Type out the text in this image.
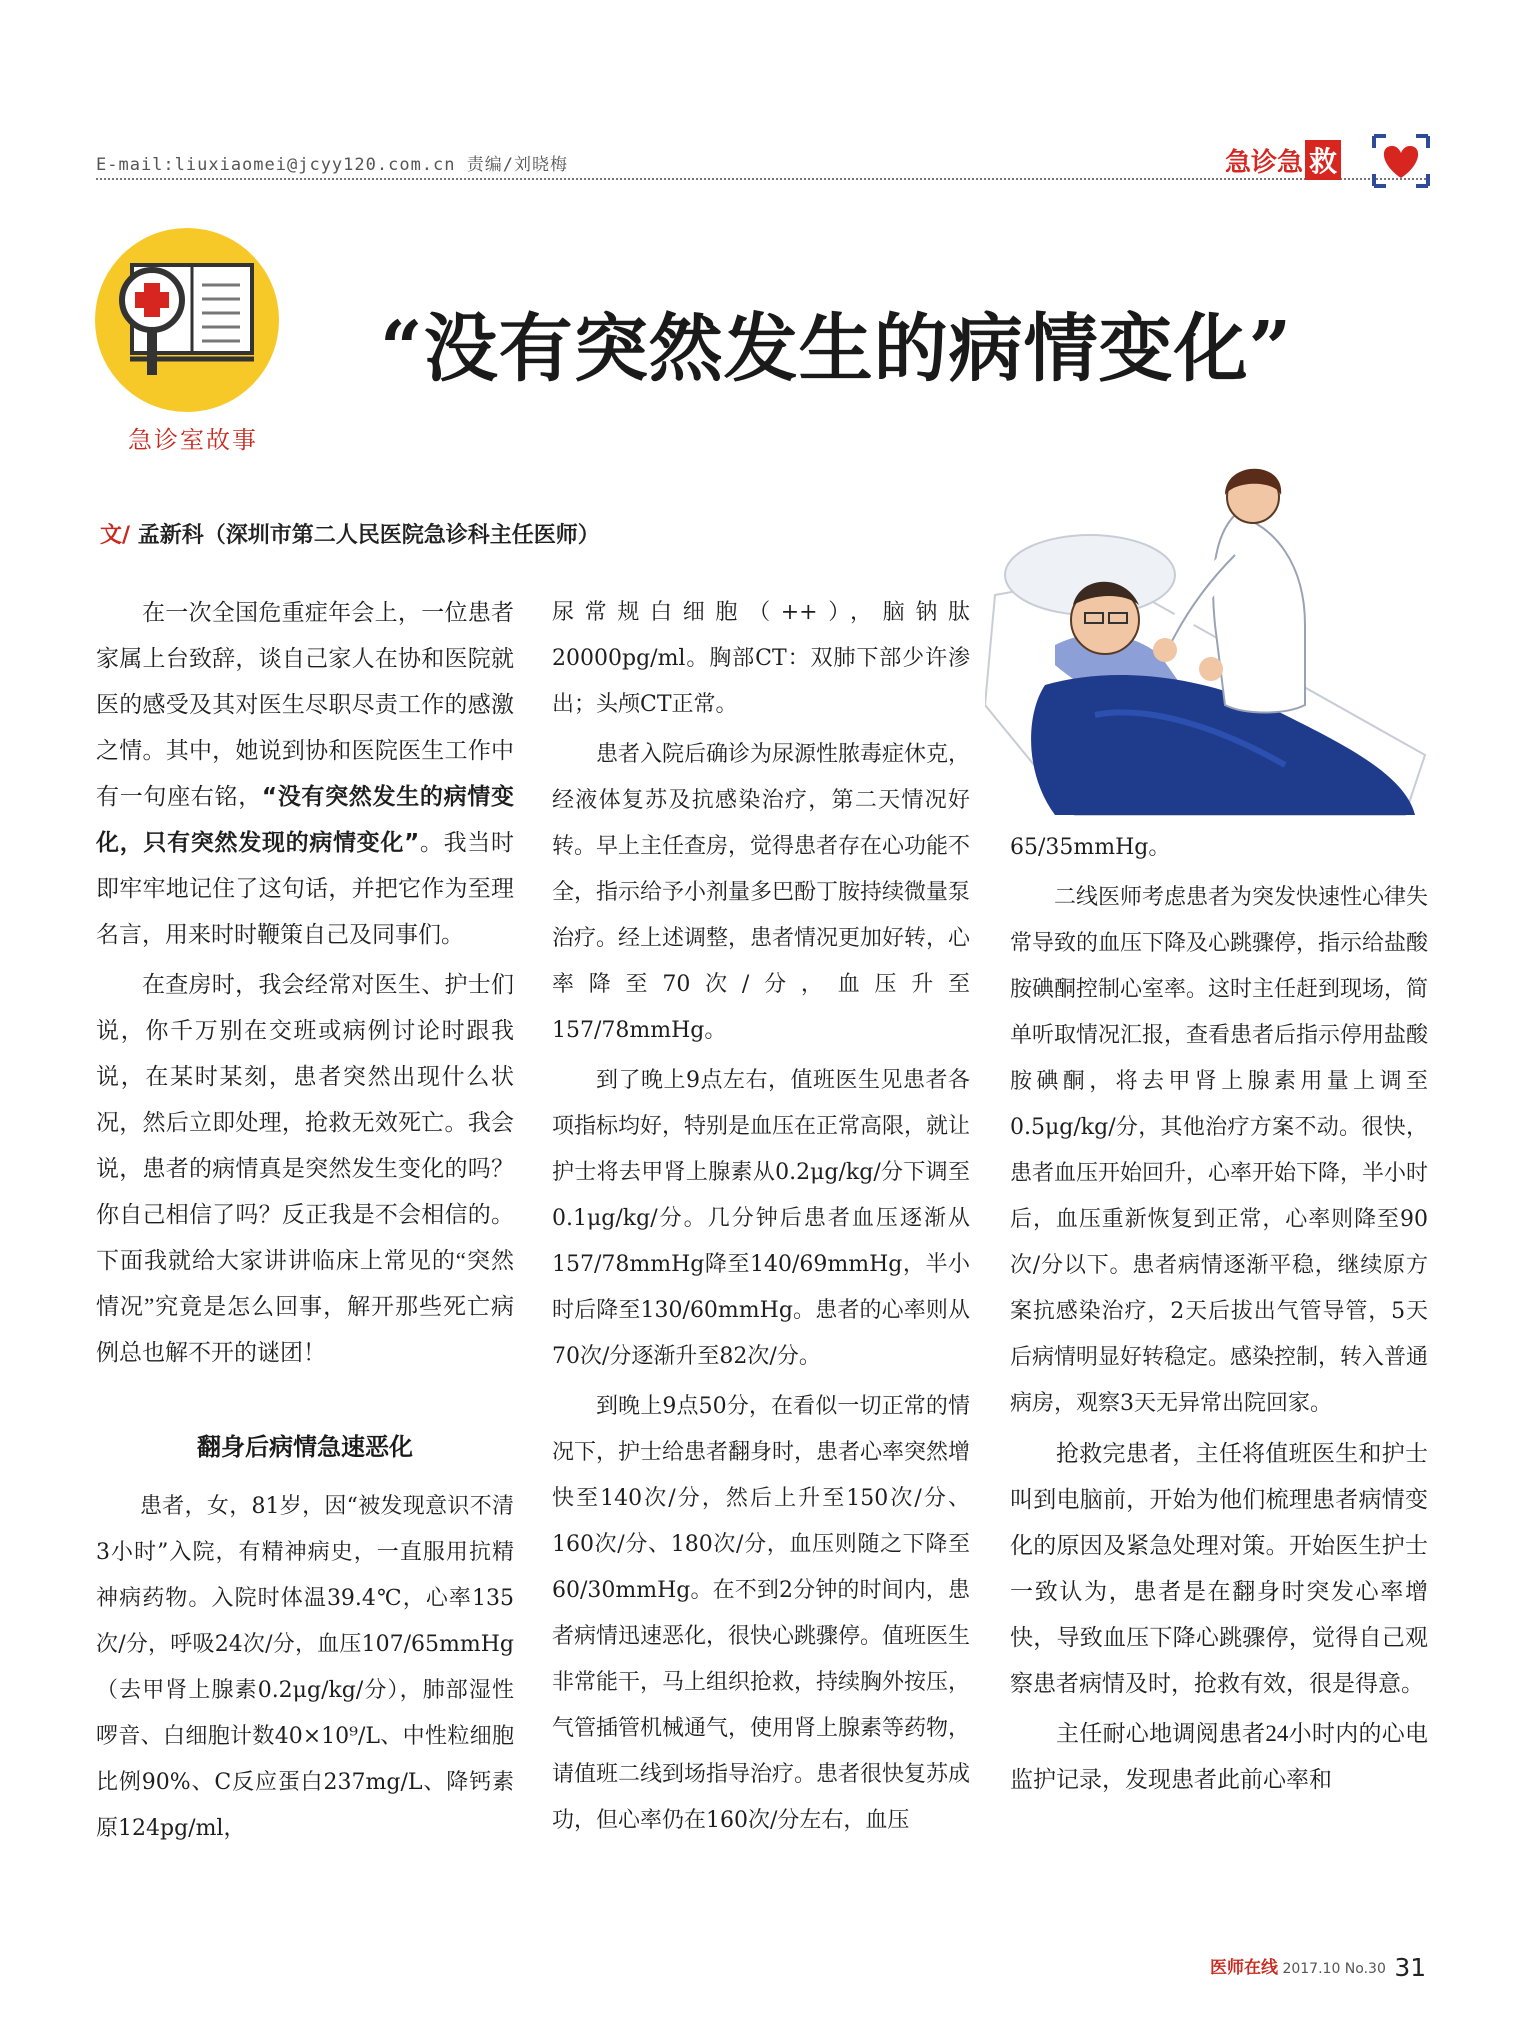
E-mail:liuxiaomei@jcyy120.com.cn 责编/刘晓梅	急诊急 救
急诊室故事
“没有突然发生的病情变化”
文/ 孟新科（深圳市第二人民医院急诊科主任医师）

在一次全国危重症年会上，一位患者家属上台致辞，谈自己家人在协和医院就医的感受及其对医生尽职尽责工作的感激之情。其中，她说到协和医院医生工作中有一句座右铭，“没有突然发生的病情变化，只有突然发现的病情变化”。我当时即牢牢地记住了这句话，并把它作为至理名言，用来时时鞭策自己及同事们。

在查房时，我会经常对医生、护士们说，你千万别在交班或病例讨论时跟我说，在某时某刻，患者突然出现什么状况，然后立即处理，抢救无效死亡。我会说，患者的病情真是突然发生变化的吗？你自己相信了吗？反正我是不会相信的。下面我就给大家讲讲临床上常见的“突然情况”究竟是怎么回事，解开那些死亡病例总也解不开的谜团！

翻身后病情急速恶化

患者，女，81岁，因“被发现意识不清3小时”入院，有精神病史，一直服用抗精神病药物。入院时体温39.4℃，心率135次/分，呼吸24次/分，血压107/65mmHg（去甲肾上腺素0.2μg/kg/分），肺部湿性啰音、白细胞计数40×10⁹/L、中性粒细胞比例90%、C反应蛋白237mg/L、降钙素原124pg/ml，

尿常规白细胞（++），脑钠肽20000pg/ml。胸部CT：双肺下部少许渗出；头颅CT正常。

患者入院后确诊为尿源性脓毒症休克，经液体复苏及抗感染治疗，第二天情况好转。早上主任查房，觉得患者存在心功能不全，指示给予小剂量多巴酚丁胺持续微量泵治疗。经上述调整，患者情况更加好转，心率降至70次/分，血压升至157/78mmHg。

到了晚上9点左右，值班医生见患者各项指标均好，特别是血压在正常高限，就让护士将去甲肾上腺素从0.2μg/kg/分下调至0.1μg/kg/分。几分钟后患者血压逐渐从157/78mmHg降至140/69mmHg，半小时后降至130/60mmHg。患者的心率则从70次/分逐渐升至82次/分。

到晚上9点50分，在看似一切正常的情况下，护士给患者翻身时，患者心率突然增快至140次/分，然后上升至150次/分、160次/分、180次/分，血压则随之下降至60/30mmHg。在不到2分钟的时间内，患者病情迅速恶化，很快心跳骤停。值班医生非常能干，马上组织抢救，持续胸外按压，气管插管机械通气，使用肾上腺素等药物，请值班二线到场指导治疗。患者很快复苏成功，但心率仍在160次/分左右，血压

65/35mmHg。

二线医师考虑患者为突发快速性心律失常导致的血压下降及心跳骤停，指示给盐酸胺碘酮控制心室率。这时主任赶到现场，简单听取情况汇报，查看患者后指示停用盐酸胺碘酮，将去甲肾上腺素用量上调至0.5μg/kg/分，其他治疗方案不动。很快，患者血压开始回升，心率开始下降，半小时后，血压重新恢复到正常，心率则降至90次/分以下。患者病情逐渐平稳，继续原方案抗感染治疗，2天后拔出气管导管，5天后病情明显好转稳定。感染控制，转入普通病房，观察3天无异常出院回家。

抢救完患者，主任将值班医生和护士叫到电脑前，开始为他们梳理患者病情变化的原因及紧急处理对策。开始医生护士一致认为，患者是在翻身时突发心率增快，导致血压下降心跳骤停，觉得自己观察患者病情及时，抢救有效，很是得意。

主任耐心地调阅患者24小时内的心电监护记录，发现患者此前心率和

医师在线 2017.10 No.30 31
